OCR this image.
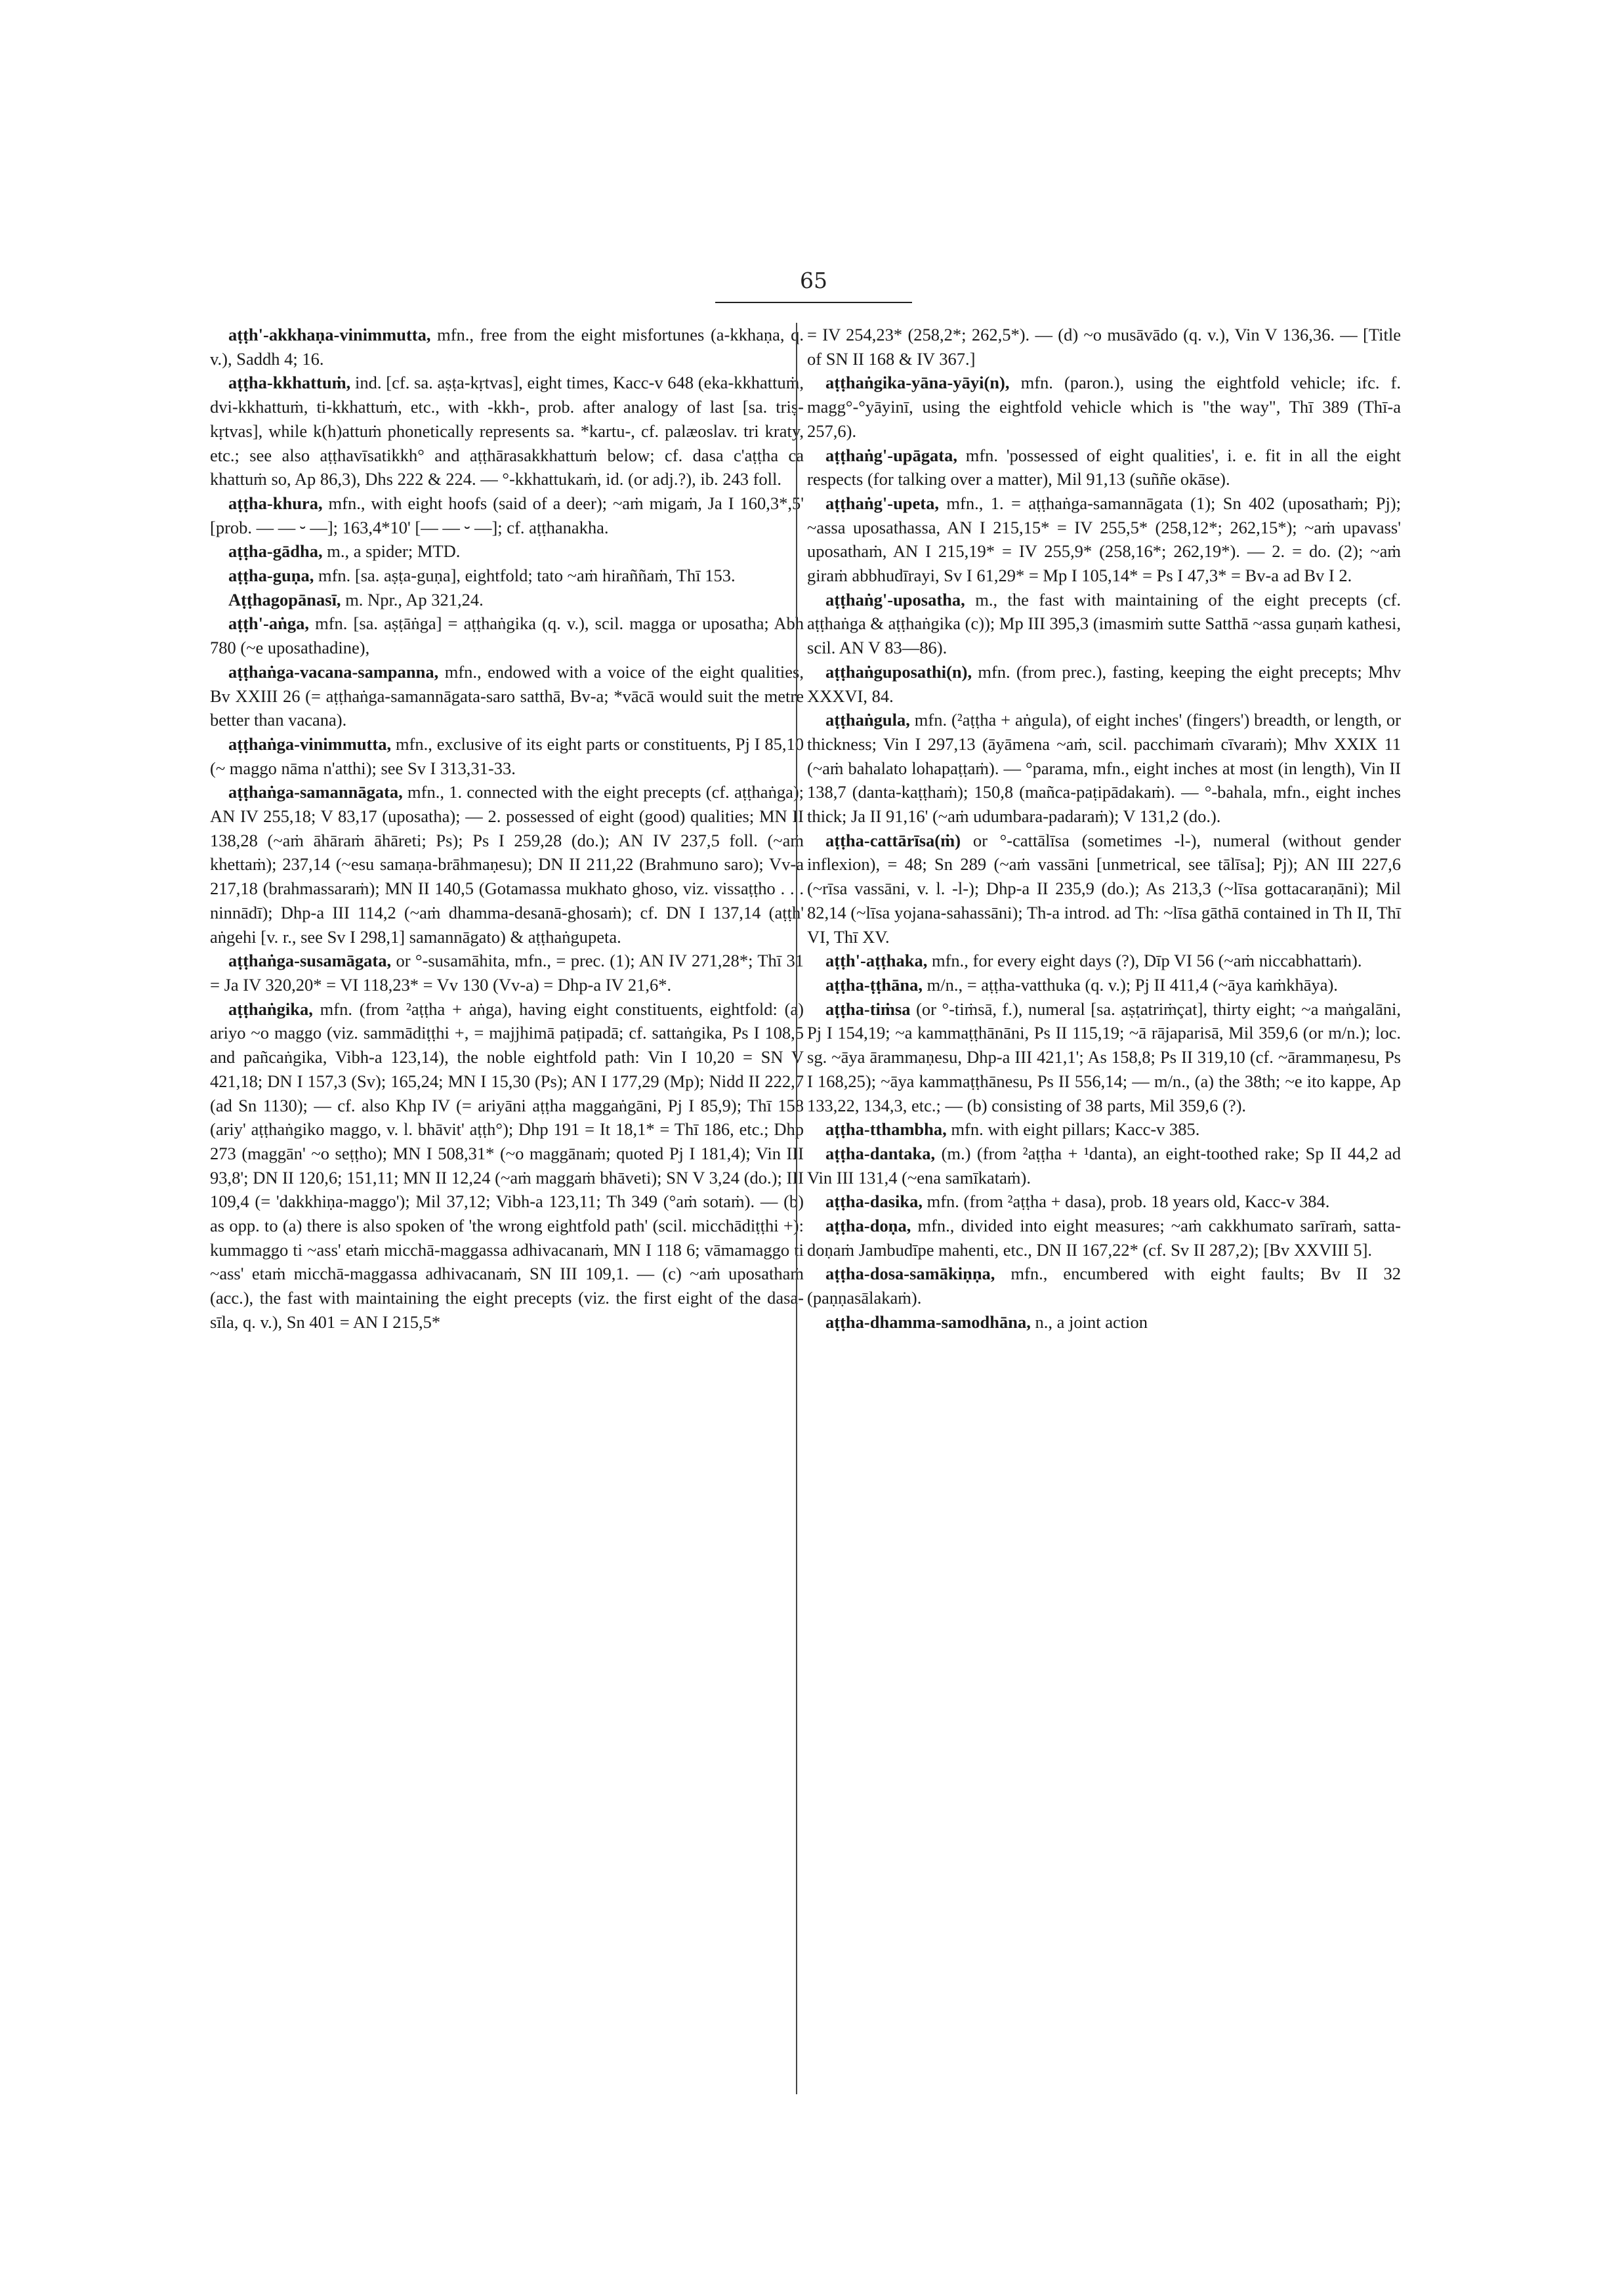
65

aṭṭh'-akkhaṇa-vinimmutta, mfn., free from the eight misfortunes (a-kkhaṇa, q. v.), Saddh 4; 16.

aṭṭha-kkhattuṁ, ind. [cf. sa. aṣṭa-kṛtvas], eight times, Kacc-v 648 (eka-kkhattuṁ, dvi-kkhattuṁ, ti-kkhattuṁ, etc., with -kkh-, prob. after analogy of last [sa. triṣ-kṛtvas], while k(h)attuṁ phonetically represents sa. *kartu-, cf. palæoslav. tri kraty, etc.; see also aṭṭhavīsatikkh° and aṭṭhārasakkhattuṁ below; cf. dasa c'aṭṭha ca khattuṁ so, Ap 86,3), Dhs 222 & 224. — °-kkhattukaṁ, id. (or adj.?), ib. 243 foll.

aṭṭha-khura, mfn., with eight hoofs (said of a deer); ~aṁ migaṁ, Ja I 160,3*,5' [prob. — — ⏑ —]; 163,4*10' [— — ⏑ —]; cf. aṭṭhanakha.

aṭṭha-gādha, m., a spider; MTD.

aṭṭha-guṇa, mfn. [sa. aṣṭa-guṇa], eightfold; tato ~aṁ hiraññaṁ, Thī 153.

Aṭṭhagopānasī, m. Npr., Ap 321,24.

aṭṭh'-aṅga, mfn. [sa. aṣṭāṅga] = aṭṭhaṅgika (q. v.), scil. magga or uposatha; Abh 780 (~e uposathadine),

aṭṭhaṅga-vacana-sampanna, mfn., endowed with a voice of the eight qualities, Bv XXIII 26 (= aṭṭhaṅga-samannāgata-saro satthā, Bv-a; *vācā would suit the metre better than vacana).

aṭṭhaṅga-vinimmutta, mfn., exclusive of its eight parts or constituents, Pj I 85,10 (~ maggo nāma n'atthi); see Sv I 313,31-33.

aṭṭhaṅga-samannāgata, mfn., 1. connected with the eight precepts (cf. aṭṭhaṅga); AN IV 255,18; V 83,17 (uposatha); — 2. possessed of eight (good) qualities; MN II 138,28 (~aṁ āhāraṁ āhāreti; Ps); Ps I 259,28 (do.); AN IV 237,5 foll. (~aṁ khettaṁ); 237,14 (~esu samaṇa-brāhmaṇesu); DN II 211,22 (Brahmuno saro); Vv-a 217,18 (brahmassaraṁ); MN II 140,5 (Gotamassa mukhato ghoso, viz. vissaṭṭho . . . ninnādī); Dhp-a III 114,2 (~aṁ dhamma-desanā-ghosaṁ); cf. DN I 137,14 (aṭṭh' aṅgehi [v. r., see Sv I 298,1] samannāgato) & aṭṭhaṅgupeta.

aṭṭhaṅga-susamāgata, or °-susamāhita, mfn., = prec. (1); AN IV 271,28*; Thī 31 = Ja IV 320,20* = VI 118,23* = Vv 130 (Vv-a) = Dhp-a IV 21,6*.

aṭṭhaṅgika, mfn. (from ²aṭṭha + aṅga), having eight constituents, eightfold: (a) ariyo ~o maggo (viz. sammādiṭṭhi +, = majjhimā paṭipadā; cf. sattaṅgika, Ps I 108,5 and pañcaṅgika, Vibh-a 123,14), the noble eightfold path: Vin I 10,20 = SN V 421,18; DN I 157,3 (Sv); 165,24; MN I 15,30 (Ps); AN I 177,29 (Mp); Nidd II 222,7 (ad Sn 1130); — cf. also Khp IV (= ariyāni aṭṭha maggaṅgāni, Pj I 85,9); Thī 158 (ariy' aṭṭhaṅgiko maggo, v. l. bhāvit' aṭṭh°); Dhp 191 = It 18,1* = Thī 186, etc.; Dhp 273 (maggān' ~o seṭṭho); MN I 508,31* (~o maggānaṁ; quoted Pj I 181,4); Vin III 93,8'; DN II 120,6; 151,11; MN II 12,24 (~aṁ maggaṁ bhāveti); SN V 3,24 (do.); III 109,4 (= 'dakkhiṇa-maggo'); Mil 37,12; Vibh-a 123,11; Th 349 (°aṁ sotaṁ). — (b) as opp. to (a) there is also spoken of 'the wrong eightfold path' (scil. micchādiṭṭhi +): kummaggo ti ~ass' etaṁ micchā-maggassa adhivacanaṁ, MN I 118 6; vāmamaggo ti ~ass' etaṁ micchā-maggassa adhivacanaṁ, SN III 109,1. — (c) ~aṁ uposathaṁ (acc.), the fast with maintaining the eight precepts (viz. the first eight of the dasa-sīla, q. v.), Sn 401 = AN I 215,5*

= IV 254,23* (258,2*; 262,5*). — (d) ~o musāvādo (q. v.), Vin V 136,36. — [Title of SN II 168 & IV 367.]

aṭṭhaṅgika-yāna-yāyi(n), mfn. (paron.), using the eightfold vehicle; ifc. f. magg°-°yāyinī, using the eightfold vehicle which is "the way", Thī 389 (Thī-a 257,6).

aṭṭhaṅg'-upāgata, mfn. 'possessed of eight qualities', i. e. fit in all the eight respects (for talking over a matter), Mil 91,13 (suññe okāse).

aṭṭhaṅg'-upeta, mfn., 1. = aṭṭhaṅga-samannāgata (1); Sn 402 (uposathaṁ; Pj); ~assa uposathassa, AN I 215,15* = IV 255,5* (258,12*; 262,15*); ~aṁ upavass' uposathaṁ, AN I 215,19* = IV 255,9* (258,16*; 262,19*). — 2. = do. (2); ~aṁ giraṁ abbhudīrayi, Sv I 61,29* = Mp I 105,14* = Ps I 47,3* = Bv-a ad Bv I 2.

aṭṭhaṅg'-uposatha, m., the fast with maintaining of the eight precepts (cf. aṭṭhaṅga & aṭṭhaṅgika (c)); Mp III 395,3 (imasmiṁ sutte Satthā ~assa guṇaṁ kathesi, scil. AN V 83—86).

aṭṭhaṅguposathi(n), mfn. (from prec.), fasting, keeping the eight precepts; Mhv XXXVI, 84.

aṭṭhaṅgula, mfn. (²aṭṭha + aṅgula), of eight inches' (fingers') breadth, or length, or thickness; Vin I 297,13 (āyāmena ~aṁ, scil. pacchimaṁ cīvaraṁ); Mhv XXIX 11 (~aṁ bahalato lohapaṭṭaṁ). — °parama, mfn., eight inches at most (in length), Vin II 138,7 (danta-kaṭṭhaṁ); 150,8 (mañca-paṭipādakaṁ). — °-bahala, mfn., eight inches thick; Ja II 91,16' (~aṁ udumbara-padaraṁ); V 131,2 (do.).

aṭṭha-cattārīsa(ṁ) or °-cattālīsa (sometimes -l-), numeral (without gender inflexion), = 48; Sn 289 (~aṁ vassāni [unmetrical, see tālīsa]; Pj); AN III 227,6 (~rīsa vassāni, v. l. -l-); Dhp-a II 235,9 (do.); As 213,3 (~līsa gottacaraṇāni); Mil 82,14 (~līsa yojana-sahassāni); Th-a introd. ad Th: ~līsa gāthā contained in Th II, Thī VI, Thī XV.

aṭṭh'-aṭṭhaka, mfn., for every eight days (?), Dīp VI 56 (~aṁ niccabhattaṁ).

aṭṭha-ṭṭhāna, m/n., = aṭṭha-vatthuka (q. v.); Pj II 411,4 (~āya kaṁkhāya).

aṭṭha-tiṁsa (or °-tiṁsā, f.), numeral [sa. aṣṭatriṁçat], thirty eight; ~a maṅgalāni, Pj I 154,19; ~a kammaṭṭhānāni, Ps II 115,19; ~ā rājaparisā, Mil 359,6 (or m/n.); loc. sg. ~āya ārammaṇesu, Dhp-a III 421,1'; As 158,8; Ps II 319,10 (cf. ~ārammaṇesu, Ps I 168,25); ~āya kammaṭṭhānesu, Ps II 556,14; — m/n., (a) the 38th; ~e ito kappe, Ap 133,22, 134,3, etc.; — (b) consisting of 38 parts, Mil 359,6 (?).

aṭṭha-tthambha, mfn. with eight pillars; Kacc-v 385.

aṭṭha-dantaka, (m.) (from ²aṭṭha + ¹danta), an eight-toothed rake; Sp II 44,2 ad Vin III 131,4 (~ena samīkataṁ).

aṭṭha-dasika, mfn. (from ²aṭṭha + dasa), prob. 18 years old, Kacc-v 384.

aṭṭha-doṇa, mfn., divided into eight measures; ~aṁ cakkhumato sarīraṁ, satta-doṇaṁ Jambudīpe mahenti, etc., DN II 167,22* (cf. Sv II 287,2); [Bv XXVIII 5].

aṭṭha-dosa-samākiṇṇa, mfn., encumbered with eight faults; Bv II 32 (paṇṇasālakaṁ).

aṭṭha-dhamma-samodhāna, n., a joint action
